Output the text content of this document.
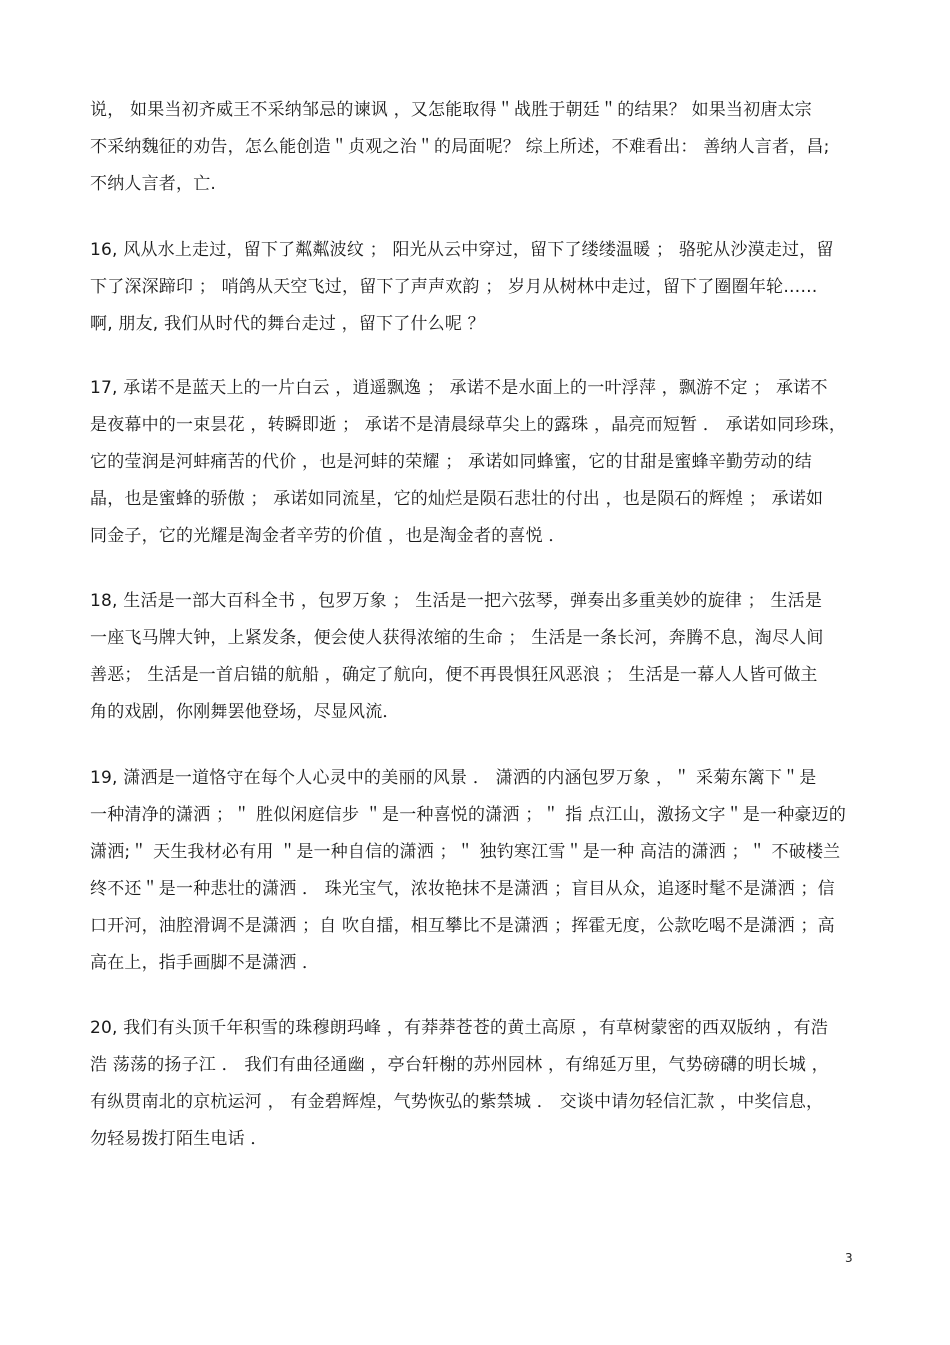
说， 如果当初齐威王不采纳邹忌的谏讽 ，又怎能取得＂战胜于朝廷＂的结果？ 如果当初唐太宗
不采纳魏征的劝告，怎么能创造＂贞观之治＂的局面呢？ 综上所述，不难看出： 善纳人言者，昌;
不纳人言者，亡.
16, 风从水上走过，留下了粼粼波纹 ； 阳光从云中穿过，留下了缕缕温暖 ； 骆驼从沙漠走过，留
下了深深蹄印 ； 哨鸽从天空飞过，留下了声声欢韵 ； 岁月从树林中走过，留下了圈圈年轮……
啊, 朋友, 我们从时代的舞台走过 ，留下了什么呢 ？
17, 承诺不是蓝天上的一片白云 ，逍遥飘逸 ； 承诺不是水面上的一叶浮萍 ，飘游不定 ； 承诺不
是夜幕中的一束昙花 ，转瞬即逝 ； 承诺不是清晨绿草尖上的露珠 ，晶亮而短暂 ． 承诺如同珍珠，
它的莹润是河蚌痛苦的代价 ，也是河蚌的荣耀 ； 承诺如同蜂蜜，它的甘甜是蜜蜂辛勤劳动的结
晶，也是蜜蜂的骄傲 ； 承诺如同流星，它的灿烂是陨石悲壮的付出 ，也是陨石的辉煌 ； 承诺如
同金子，它的光耀是淘金者辛劳的价值 ，也是淘金者的喜悦 ．
18, 生活是一部大百科全书 ，包罗万象 ； 生活是一把六弦琴，弹奏出多重美妙的旋律 ； 生活是
一座飞马牌大钟，上紧发条，便会使人获得浓缩的生命 ； 生活是一条长河，奔腾不息，淘尽人间
善恶； 生活是一首启锚的航船 ，确定了航向，便不再畏惧狂风恶浪 ； 生活是一幕人人皆可做主
角的戏剧，你刚舞罢他登场，尽显风流．
19, 潇洒是一道恪守在每个人心灵中的美丽的风景 ． 潇洒的内涵包罗万象 ，＂ 采菊东篱下＂是
一种清净的潇洒 ；＂ 胜似闲庭信步 ＂是一种喜悦的潇洒 ；＂ 指 点江山，激扬文字＂是一种豪迈的
潇洒;＂ 天生我材必有用 ＂是一种自信的潇洒 ；＂ 独钓寒江雪＂是一种 高洁的潇洒 ；＂ 不破楼兰
终不还＂是一种悲壮的潇洒 ． 珠光宝气，浓妆艳抹不是潇洒 ；盲目从众，追逐时髦不是潇洒 ；信
口开河，油腔滑调不是潇洒 ；自 吹自擂，相互攀比不是潇洒 ；挥霍无度，公款吃喝不是潇洒 ；高
高在上，指手画脚不是潇洒 ．
20, 我们有头顶千年积雪的珠穆朗玛峰 ，有莽莽苍苍的黄土高原 ，有草树蒙密的西双版纳 ，有浩
浩 荡荡的扬子江 ． 我们有曲径通幽 ，亭台轩榭的苏州园林 ，有绵延万里，气势磅礴的明长城 ，
有纵贯南北的京杭运河 ， 有金碧辉煌，气势恢弘的紫禁城 ． 交谈中请勿轻信汇款 ，中奖信息，
勿轻易拨打陌生电话 ．
3
